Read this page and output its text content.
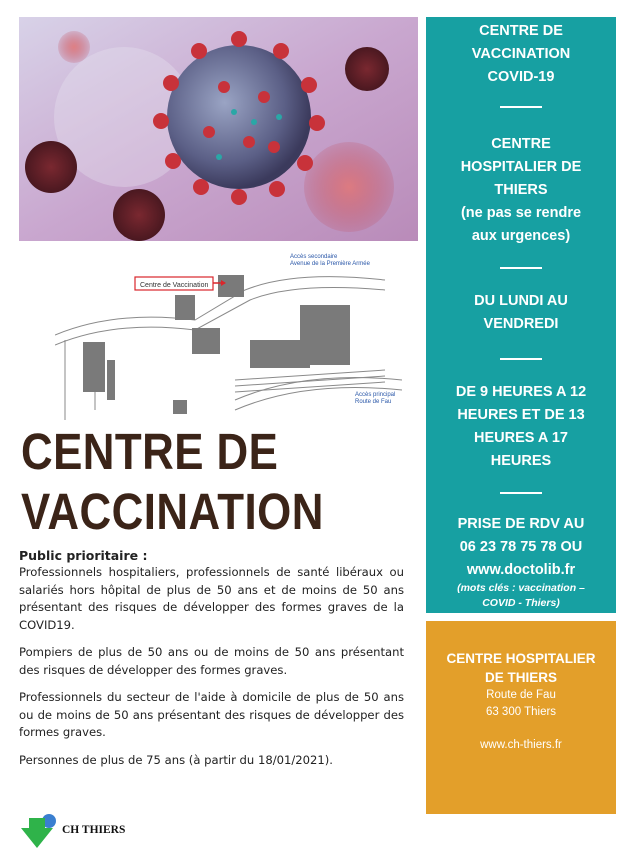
Centre de Vaccination
Accès secondaire
Avenue de la Première Armée
Accès principal
Route de Fau
CENTRE DE
VACCINATION
Public prioritaire :

Professionnels hospitaliers, professionnels de santé libéraux ou salariés hors hôpital de plus de 50 ans et de moins de 50 ans présentant des risques de développer des formes graves de la COVID19.

Pompiers de plus de 50 ans ou de moins de 50 ans présentant des risques de développer des formes graves.

Professionnels du secteur de l'aide à domicile de plus de 50 ans ou de moins de 50 ans présentant des risques de développer des formes graves.

Personnes de plus de 75 ans (à partir du 18/01/2021).

CH THIERS
CENTRE DE
VACCINATION
COVID-19
CENTRE
HOSPITALIER DE
THIERS
(ne pas se rendre
aux urgences)
DU LUNDI AU
VENDREDI
DE 9 HEURES A 12
HEURES ET DE 13
HEURES A 17
HEURES
PRISE DE RDV AU
06 23 78 75 78 OU
www.doctolib.fr
(mots clés : vaccination –
COVID - Thiers)
CENTRE HOSPITALIER
DE THIERS
Route de Fau
63 300 Thiers
www.ch-thiers.fr
